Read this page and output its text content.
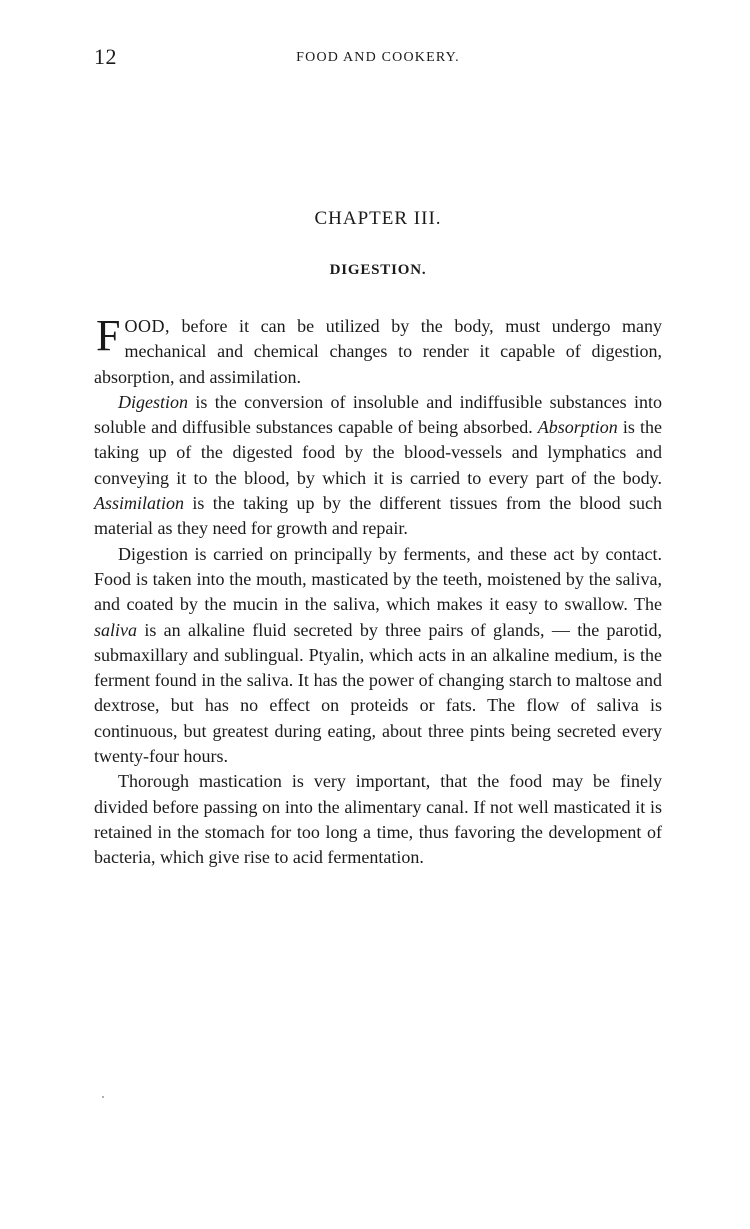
12	FOOD AND COOKERY.
CHAPTER III.
DIGESTION.

FOOD, before it can be utilized by the body, must undergo many mechanical and chemical changes to render it capable of digestion, absorption, and assimilation.

Digestion is the conversion of insoluble and indiffusible substances into soluble and diffusible substances capable of being absorbed. Absorption is the taking up of the digested food by the blood-vessels and lymphatics and conveying it to the blood, by which it is carried to every part of the body. Assimilation is the taking up by the different tissues from the blood such material as they need for growth and repair.

Digestion is carried on principally by ferments, and these act by contact. Food is taken into the mouth, masticated by the teeth, moistened by the saliva, and coated by the mucin in the saliva, which makes it easy to swallow. The saliva is an alkaline fluid secreted by three pairs of glands, — the parotid, submaxillary and sublingual. Ptyalin, which acts in an alkaline medium, is the ferment found in the saliva. It has the power of changing starch to maltose and dextrose, but has no effect on proteids or fats. The flow of saliva is continuous, but greatest during eating, about three pints being secreted every twenty-four hours.

Thorough mastication is very important, that the food may be finely divided before passing on into the alimentary canal. If not well masticated it is retained in the stomach for too long a time, thus favoring the development of bacteria, which give rise to acid fermentation.
